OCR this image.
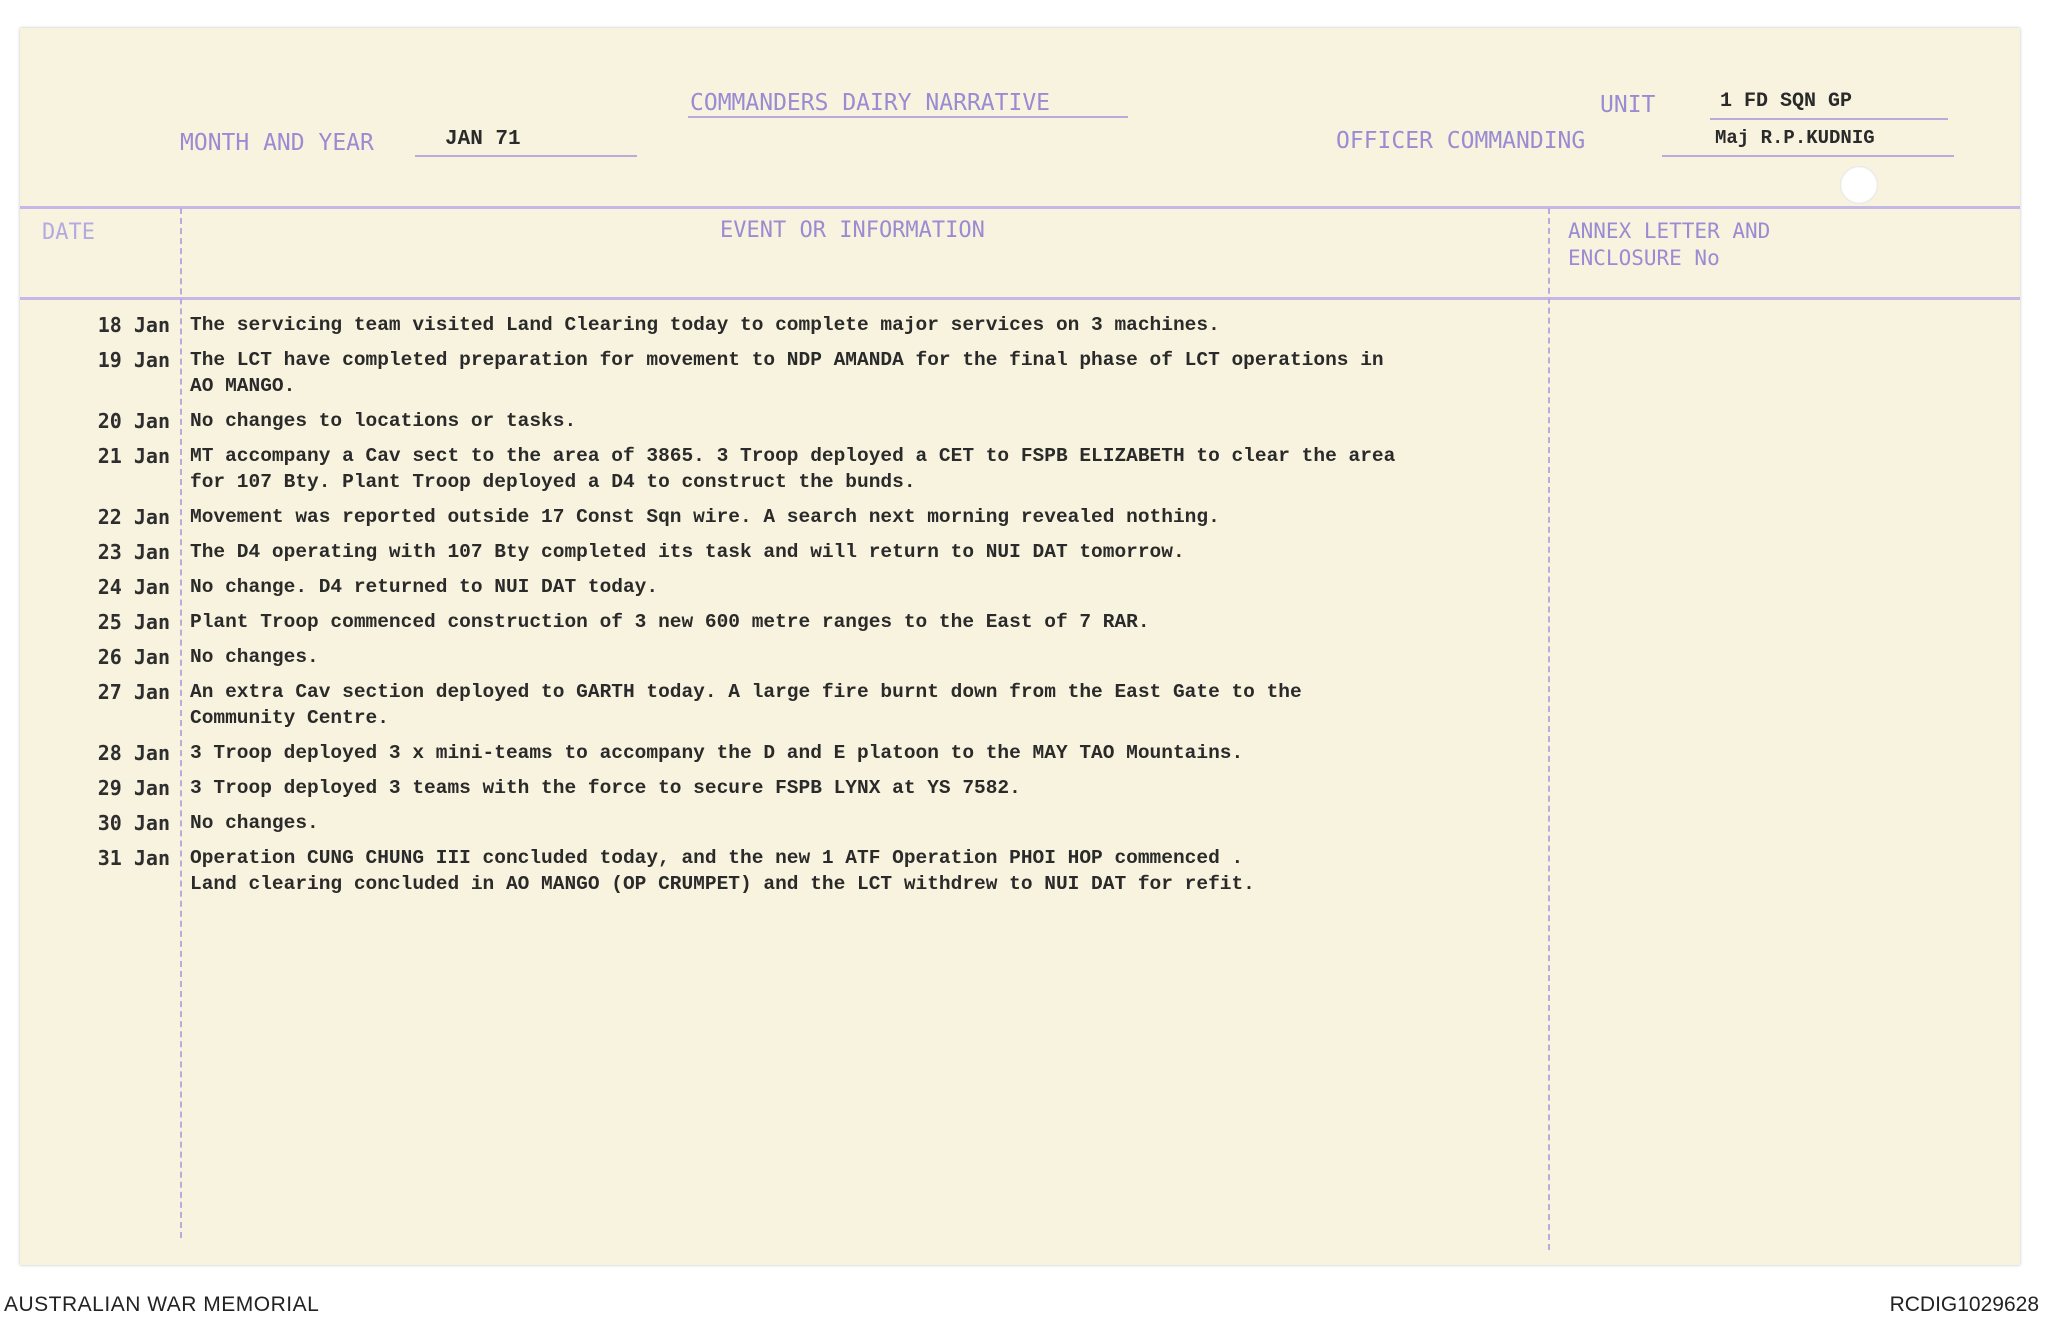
COMMANDERS DAIRY NARRATIVE	UNIT	1 FD SQN GP
MONTH AND YEAR	JAN 71	OFFICER COMMANDING	Maj R.P.KUDNIG
DATE	EVENT OR INFORMATION	ANNEX LETTER AND ENCLOSURE No
18 Jan The servicing team visited Land Clearing today to complete major services on 3 machines.
19 Jan The LCT have completed preparation for movement to NDP AMANDA for the final phase of LCT operations in
AO MANGO.
20 Jan No changes to locations or tasks.
21 Jan MT accompany a Cav sect to the area of 3865. 3 Troop deployed a CET to FSPB ELIZABETH to clear the area
for 107 Bty. Plant Troop deployed a D4 to construct the bunds.
22 Jan Movement was reported outside 17 Const Sqn wire. A search next morning revealed nothing.
23 Jan The D4 operating with 107 Bty completed its task and will return to NUI DAT tomorrow.
24 Jan No change. D4 returned to NUI DAT today.
25 Jan Plant Troop commenced construction of 3 new 600 metre ranges to the East of 7 RAR.
26 Jan No changes.
27 Jan An extra Cav section deployed to GARTH today. A large fire burnt down from the East Gate to the
Community Centre.
28 Jan 3 Troop deployed 3 x mini-teams to accompany the D and E platoon to the MAY TAO Mountains.
29 Jan 3 Troop deployed 3 teams with the force to secure FSPB LYNX at YS 7582.
30 Jan No changes.
31 Jan Operation CUNG CHUNG III concluded today, and the new 1 ATF Operation PHOI HOP commenced .
Land clearing concluded in AO MANGO (OP CRUMPET) and the LCT withdrew to NUI DAT for refit.
AUSTRALIAN WAR MEMORIAL	RCDIG1029628
